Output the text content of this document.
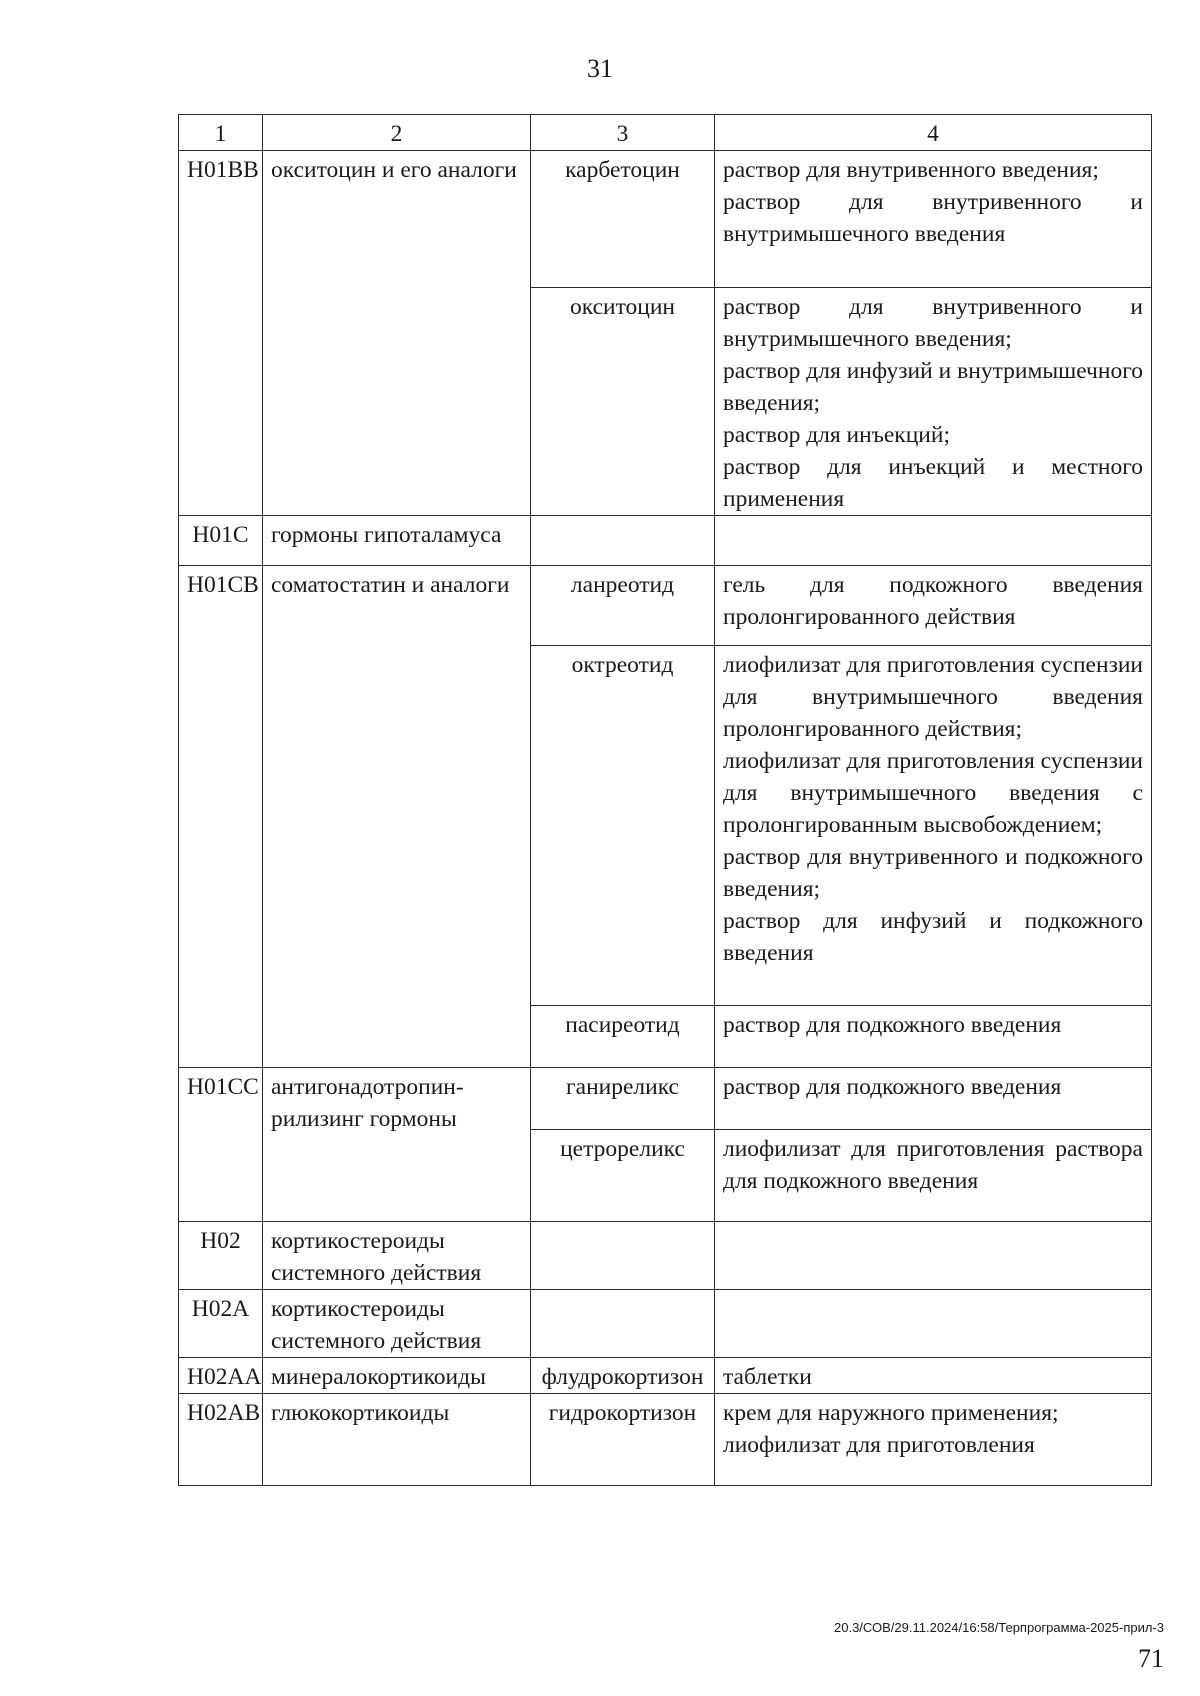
31
1	2	3	4
H01BB	окситоцин и его аналоги	карбетоцин	раствор для внутривенного введения;
раствор для внутривенного и внутримышечного введения

		окситоцин	раствор для внутривенного и внутримышечного введения;
раствор для инфузий и внутримышечного введения;
раствор для инъекций;
раствор для инъекций и местного применения

H01C	гормоны гипоталамуса		
H01CB	соматостатин и аналоги	ланреотид	гель для подкожного введения пролонгированного действия

		октреотид	лиофилизат для приготовления суспензии для внутримышечного введения пролонгированного действия;
лиофилизат для приготовления суспензии для внутримышечного введения с пролонгированным высвобождением;
раствор для внутривенного и подкожного введения;
раствор для инфузий и подкожного введения

		пасиреотид	раствор для подкожного введения

H01CC	антигонадотропин-рилизинг гормоны	ганиреликс	раствор для подкожного введения

		цетрореликс	лиофилизат для приготовления раствора для подкожного введения

H02	кортикостероиды системного действия		
H02A	кортикостероиды системного действия		
H02AA	минералокортикоиды	флудрокортизон	таблетки

H02AB	глюкокортикоиды	гидрокортизон	крем для наружного применения;
лиофилизат для приготовления
20.3/СОВ/29.11.2024/16:58/Терпрограмма-2025-прил-3
71
